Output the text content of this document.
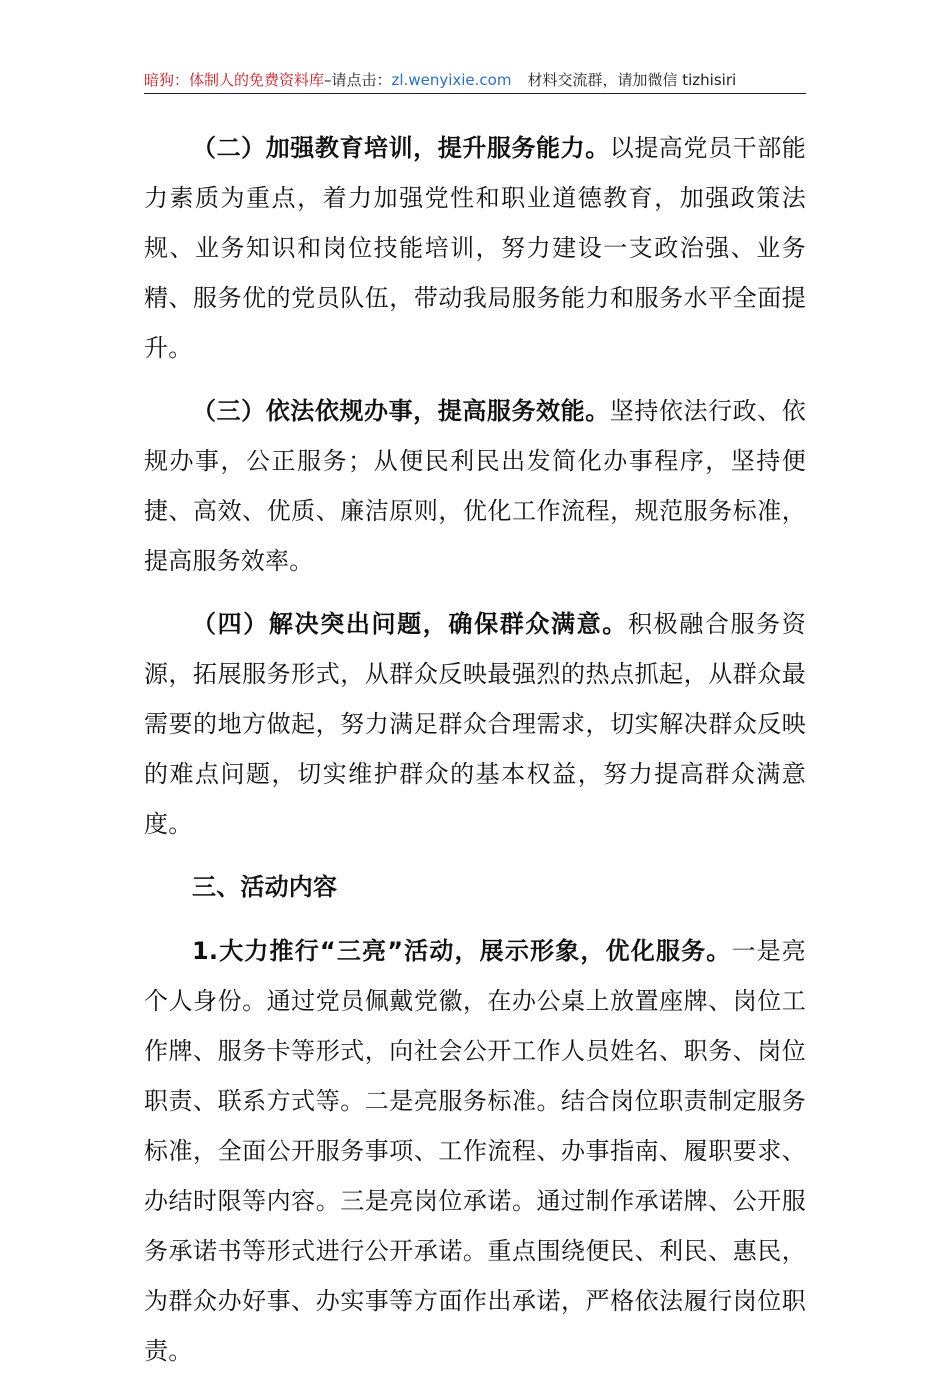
暗狗：体制人的免费资料库–请点击：zl.wenyixie.com 材料交流群，请加微信 tizhisiri

（二）加强教育培训，提升服务能力。以提高党员干部能力素质为重点，着力加强党性和职业道德教育，加强政策法规、业务知识和岗位技能培训，努力建设一支政治强、业务精、服务优的党员队伍，带动我局服务能力和服务水平全面提升。

（三）依法依规办事，提高服务效能。坚持依法行政、依规办事，公正服务；从便民利民出发简化办事程序，坚持便捷、高效、优质、廉洁原则，优化工作流程，规范服务标准，提高服务效率。

（四）解决突出问题，确保群众满意。积极融合服务资源，拓展服务形式，从群众反映最强烈的热点抓起，从群众最需要的地方做起，努力满足群众合理需求，切实解决群众反映的难点问题，切实维护群众的基本权益，努力提高群众满意度。

三、活动内容

1.大力推行“三亮”活动，展示形象，优化服务。一是亮个人身份。通过党员佩戴党徽，在办公桌上放置座牌、岗位工作牌、服务卡等形式，向社会公开工作人员姓名、职务、岗位职责、联系方式等。二是亮服务标准。结合岗位职责制定服务标准，全面公开服务事项、工作流程、办事指南、履职要求、办结时限等内容。三是亮岗位承诺。通过制作承诺牌、公开服务承诺书等形式进行公开承诺。重点围绕便民、利民、惠民，为群众办好事、办实事等方面作出承诺，严格依法履行岗位职责。
